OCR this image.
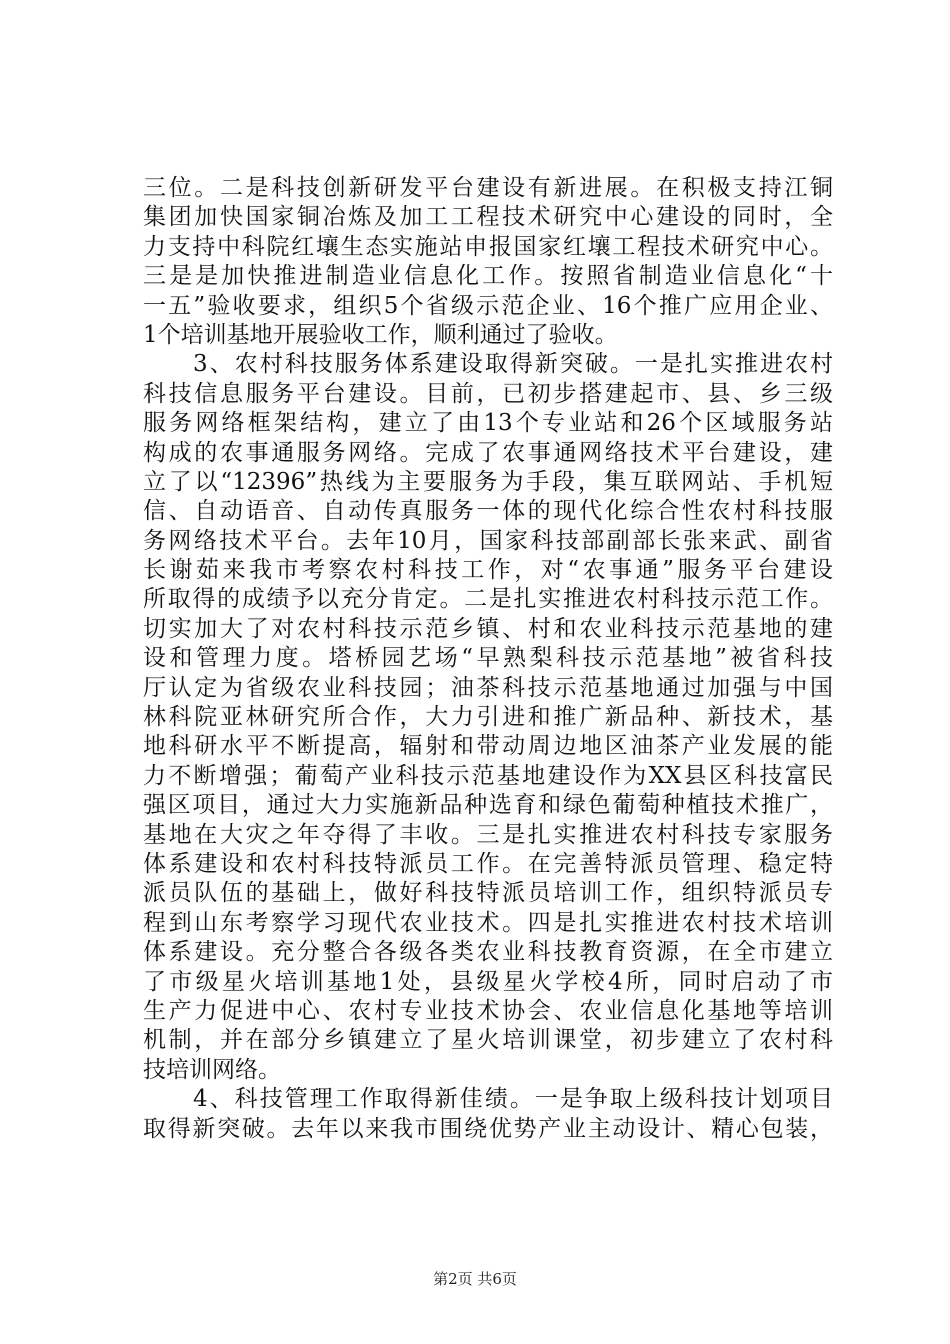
三位。二是科技创新研发平台建设有新进展。在积极支持江铜
集团加快国家铜冶炼及加工工程技术研究中心建设的同时，全
力支持中科院红壤生态实施站申报国家红壤工程技术研究中心。
三是是加快推进制造业信息化工作。按照省制造业信息化“十
一五”验收要求，组织5个省级示范企业、16个推广应用企业、
1个培训基地开展验收工作，顺利通过了验收。
　　3、农村科技服务体系建设取得新突破。一是扎实推进农村
科技信息服务平台建设。目前，已初步搭建起市、县、乡三级
服务网络框架结构，建立了由13个专业站和26个区域服务站
构成的农事通服务网络。完成了农事通网络技术平台建设，建
立了以“12396”热线为主要服务为手段，集互联网站、手机短
信、自动语音、自动传真服务一体的现代化综合性农村科技服
务网络技术平台。去年10月，国家科技部副部长张来武、副省
长谢茹来我市考察农村科技工作，对“农事通”服务平台建设
所取得的成绩予以充分肯定。二是扎实推进农村科技示范工作。
切实加大了对农村科技示范乡镇、村和农业科技示范基地的建
设和管理力度。塔桥园艺场“早熟梨科技示范基地”被省科技
厅认定为省级农业科技园；油茶科技示范基地通过加强与中国
林科院亚林研究所合作，大力引进和推广新品种、新技术，基
地科研水平不断提高，辐射和带动周边地区油茶产业发展的能
力不断增强；葡萄产业科技示范基地建设作为XX县区科技富民
强区项目，通过大力实施新品种选育和绿色葡萄种植技术推广，
基地在大灾之年夺得了丰收。三是扎实推进农村科技专家服务
体系建设和农村科技特派员工作。在完善特派员管理、稳定特
派员队伍的基础上，做好科技特派员培训工作，组织特派员专
程到山东考察学习现代农业技术。四是扎实推进农村技术培训
体系建设。充分整合各级各类农业科技教育资源，在全市建立
了市级星火培训基地1处，县级星火学校4所，同时启动了市
生产力促进中心、农村专业技术协会、农业信息化基地等培训
机制，并在部分乡镇建立了星火培训课堂，初步建立了农村科
技培训网络。
　　4、科技管理工作取得新佳绩。一是争取上级科技计划项目
取得新突破。去年以来我市围绕优势产业主动设计、精心包装，
第2页 共6页
